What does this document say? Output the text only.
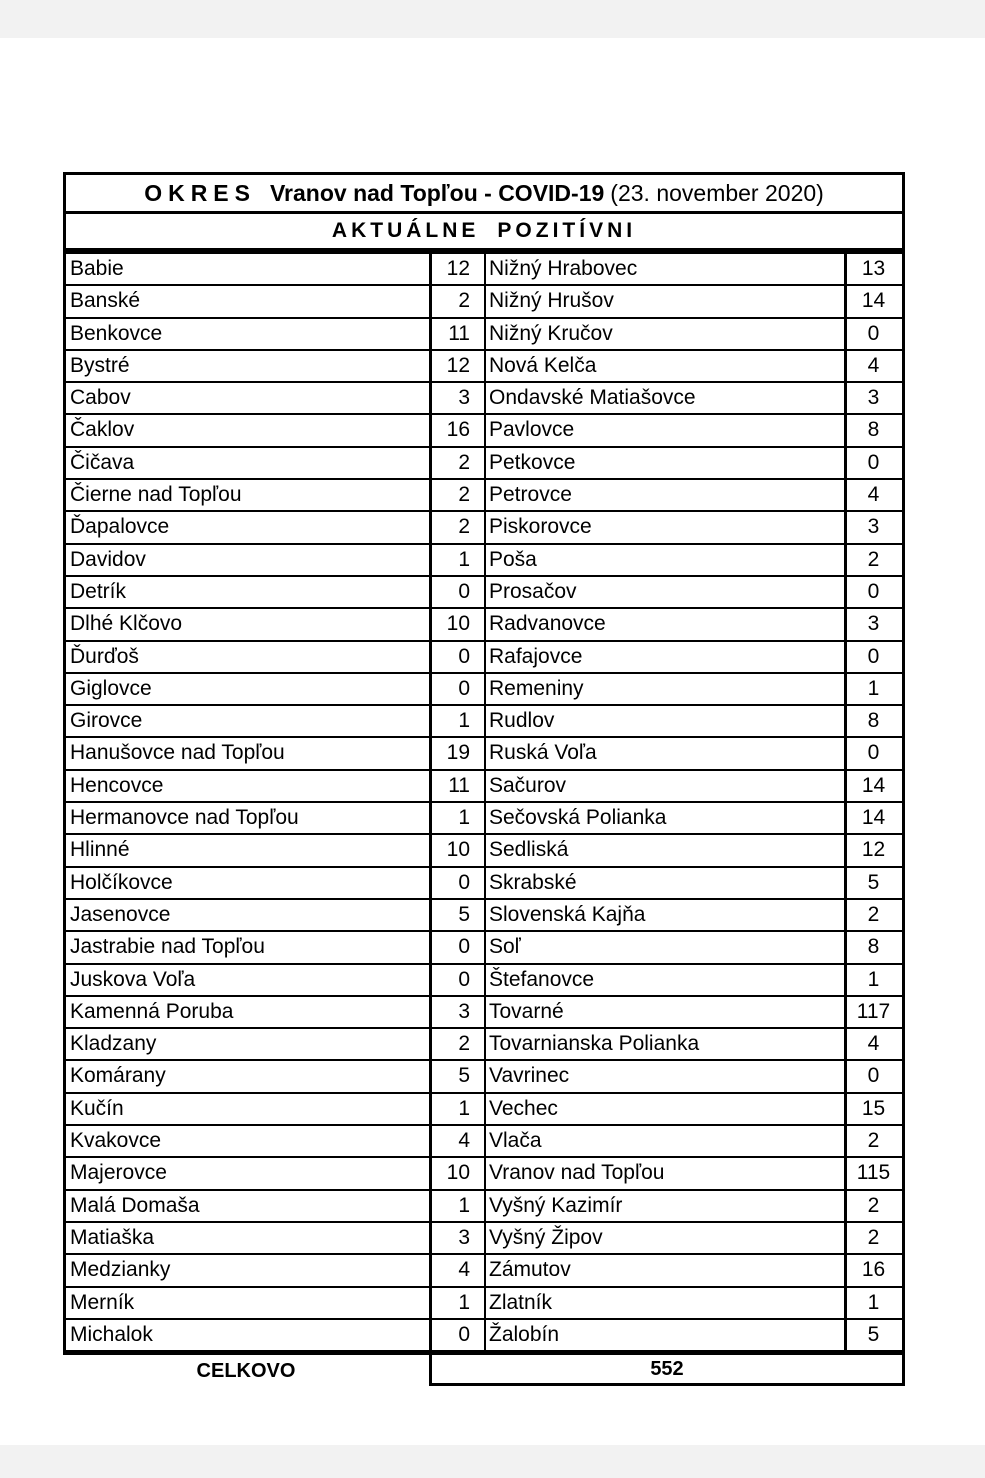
OKRES Vranov nad Topľou - COVID-19 (23. november 2020)
AKTUÁLNE POZITÍVNI
Babie	12 Nižný Hrabovec	13
Banské	2 Nižný Hrušov	14
Benkovce	11 Nižný Kručov	0
Bystré	12 Nová Kelča	4
Cabov	3 Ondavské Matiašovce	3
Čaklov	16 Pavlovce	8
Čičava	2 Petkovce	0
Čierne nad Topľou	2 Petrovce	4
Ďapalovce	2 Piskorovce	3
Davidov	1 Poša	2
Detrík	0 Prosačov	0
Dlhé Klčovo	10 Radvanovce	3
Ďurďoš	0 Rafajovce	0
Giglovce	0 Remeniny	1
Girovce	1 Rudlov	8
Hanušovce nad Topľou	19 Ruská Voľa	0
Hencovce	11 Sačurov	14
Hermanovce nad Topľou	1 Sečovská Polianka	14
Hlinné	10 Sedliská	12
Holčíkovce	0 Skrabské	5
Jasenovce	5 Slovenská Kajňa	2
Jastrabie nad Topľou	0 Soľ	8
Juskova Voľa	0 Štefanovce	1
Kamenná Poruba	3 Tovarné	117
Kladzany	2 Tovarnianska Polianka	4
Komárany	5 Vavrinec	0
Kučín	1 Vechec	15
Kvakovce	4 Vlača	2
Majerovce	10 Vranov nad Topľou	115
Malá Domaša	1 Vyšný Kazimír	2
Matiaška	3 Vyšný Žipov	2
Medzianky	4 Zámutov	16
Merník	1 Zlatník	1
Michalok	0 Žalobín	5
CELKOVO	552
